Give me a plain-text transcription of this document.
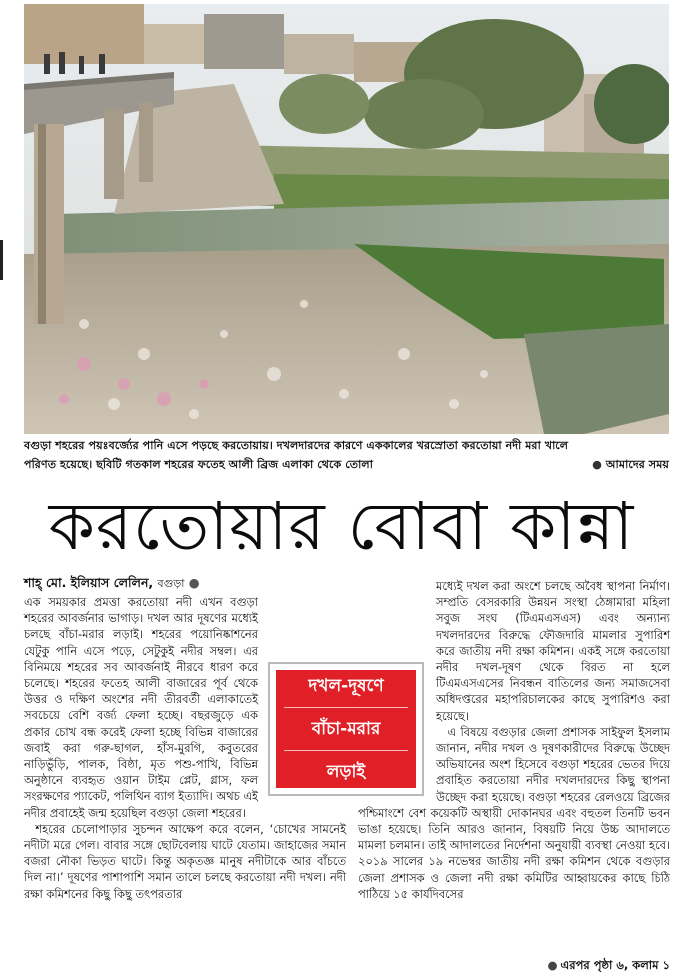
বগুড়া শহরের পয়ঃবর্জ্যের পানি এসে পড়ছে করতোয়ায়। দখলদারদের কারণে এককালের খরস্রোতা করতোয়া নদী মরা খালে
পরিণত হয়েছে। ছবিটি গতকাল শহরের ফতেহ আলী ব্রিজ এলাকা থেকে তোলা	● আমাদের সময়
করতোয়ার বোবা কান্না
শাহ্ মো. ইলিয়াস লেলিন, বগুড়া ●

এক সময়কার প্রমত্তা করতোয়া নদী এখন বগুড়া শহরের আবর্জনার ভাগাড়। দখল আর দূষণের মধ্যেই চলছে বাঁচা-মরার লড়াই। শহরের পয়োনিষ্কাশনের যেটুকু পানি এসে পড়ে, সেটুকুই নদীর সম্বল। এর বিনিময়ে শহরের সব আবর্জনাই নীরবে ধারণ করে চলেছে। শহরের ফতেহ আলী বাজারের পূর্ব থেকে উত্তর ও দক্ষিণ অংশের নদী তীরবর্তী এলাকাতেই সবচেয়ে বেশি বর্জ্য ফেলা হচ্ছে। বছরজুড়ে এক প্রকার চোখ বন্ধ করেই ফেলা হচ্ছে বিভিন্ন বাজারের জবাই করা গরু-ছাগল, হাঁস-মুরগি, কবুতরের নাড়িভুঁড়ি, পালক, বিষ্ঠা, মৃত পশু-পাখি, বিভিন্ন অনুষ্ঠানে ব্যবহৃত ওয়ান টাইম প্লেট, গ্লাস, ফল সংরক্ষণের প্যাকেট, পলিথিন ব্যাগ ইত্যাদি। অথচ এই নদীর প্রবাহেই জন্ম হয়েছিল বগুড়া জেলা শহরের।

শহরের চেলোপাড়ার সুচন্দন আক্ষেপ করে বলেন, ‘চোখের সামনেই নদীটা মরে গেল। বাবার সঙ্গে ছোটবেলায় ঘাটে যেতাম। জাহাজের সমান বজরা নৌকা ভিড়ত ঘাটে। কিন্তু অকৃতজ্ঞ মানুষ নদীটাকে আর বাঁচতে দিল না।’ দূষণের পাশাপাশি সমান তালে চলছে করতোয়া নদী দখল। নদী রক্ষা কমিশনের কিছু কিছু তৎপরতার

মধ্যেই দখল করা অংশে চলছে অবৈধ স্থাপনা নির্মাণ। সম্প্রতি বেসরকারি উন্নয়ন সংস্থা ঠেঙ্গামারা মহিলা সবুজ সংঘ (টিএমএসএস) এবং অন্যান্য দখলদারদের বিরুদ্ধে ফৌজদারি মামলার সুপারিশ করে জাতীয় নদী রক্ষা কমিশন। একই সঙ্গে করতোয়া নদীর দখল-দূষণ থেকে বিরত না হলে টিএমএসএসের নিবন্ধন বাতিলের জন্য সমাজসেবা অধিদপ্তরের মহাপরিচালকের কাছে সুপারিশও করা হয়েছে।

এ বিষয়ে বগুড়ার জেলা প্রশাসক সাইফুল ইসলাম জানান, নদীর দখল ও দূষণকারীদের বিরুদ্ধে উচ্ছেদ অভিযানের অংশ হিসেবে বগুড়া শহরের ভেতর দিয়ে প্রবাহিত করতোয়া নদীর দখলদারদের কিছু স্থাপনা উচ্ছেদ করা হয়েছে। বগুড়া শহরের রেলওয়ে ব্রিজের পশ্চিমাংশে বেশ কয়েকটি অস্থায়ী দোকানঘর এবং বহুতল তিনটি ভবন ভাঙা হয়েছে। তিনি আরও জানান, বিষয়টি নিয়ে উচ্চ আদালতে মামলা চলমান। তাই আদালতের নির্দেশনা অনুযায়ী ব্যবস্থা নেওয়া হবে। ২০১৯ সালের ১৯ নভেম্বর জাতীয় নদী রক্ষা কমিশন থেকে বগুড়ার জেলা প্রশাসক ও জেলা নদী রক্ষা কমিটির আহ্বায়কের কাছে চিঠি পাঠিয়ে ১৫ কার্যদিবসের

দখল-দূষণে
বাঁচা-মরার
লড়াই
● এরপর পৃষ্ঠা ৬, কলাম ১
